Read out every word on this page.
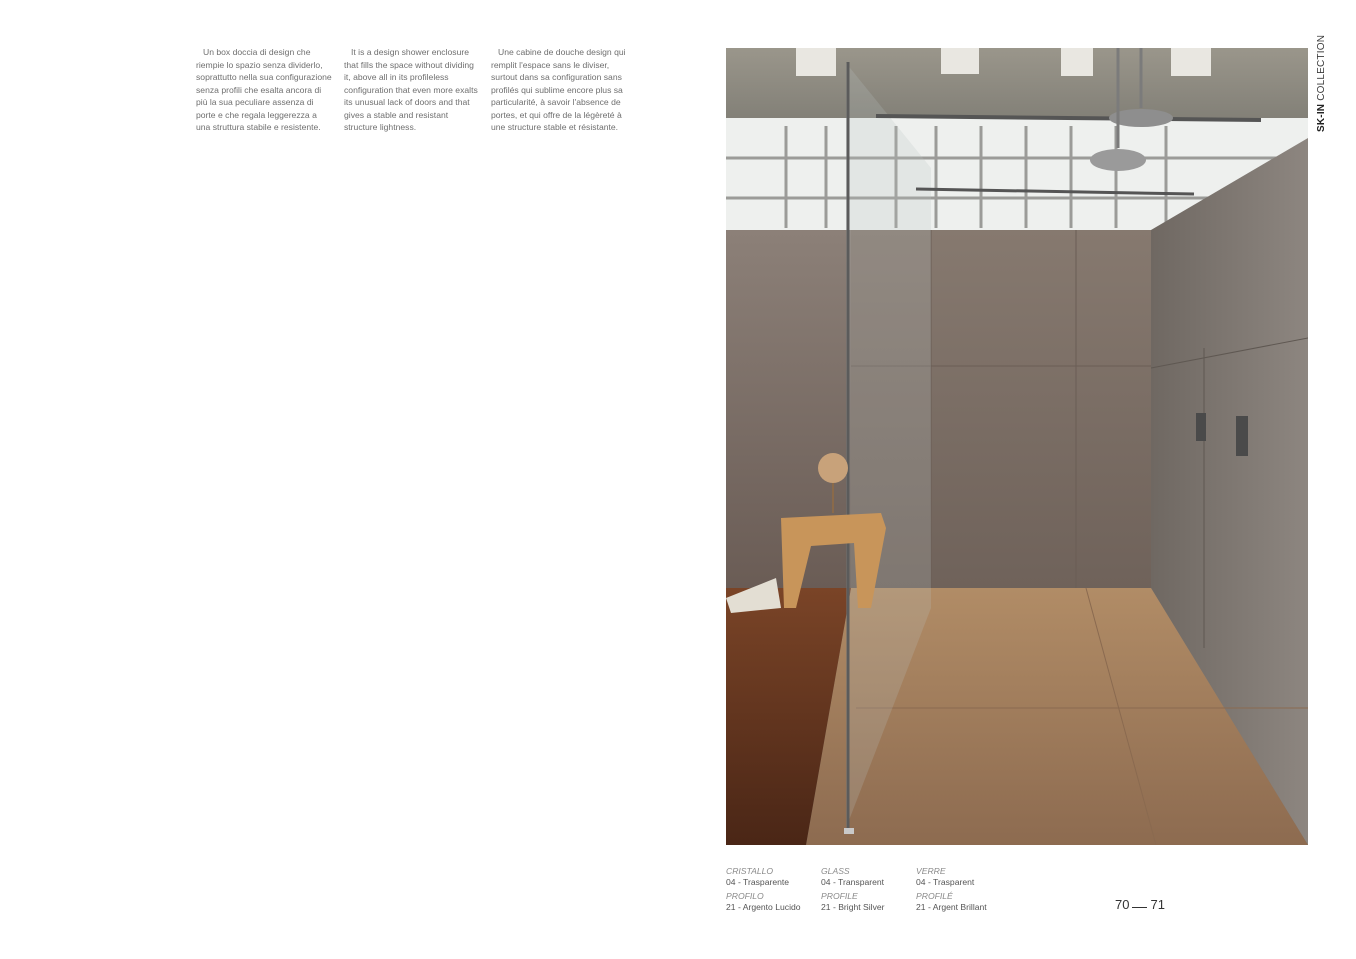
Un box doccia di design che riempie lo spazio senza dividerlo, soprattutto nella sua configurazione senza profili che esalta ancora di più la sua peculiare assenza di porte e che regala leggerezza a una struttura stabile e resistente.
It is a design shower enclosure that fills the space without dividing it, above all in its profileless configuration that even more exalts its unusual lack of doors and that gives a stable and resistant structure lightness.
Une cabine de douche design qui remplit l'espace sans le diviser, surtout dans sa configuration sans profilés qui sublime encore plus sa particularité, à savoir l'absence de portes, et qui offre de la légèreté à une structure stable et résistante.	SK-IN COLLECTION
CRISTALLO
04 - Trasparente
PROFILO
21 - Argento Lucido
GLASS
04 - Transparent
PROFILE
21 - Bright Silver
VERRE
04 - Trasparent
PROFILÉ
21 - Argent Brillant	70 71
